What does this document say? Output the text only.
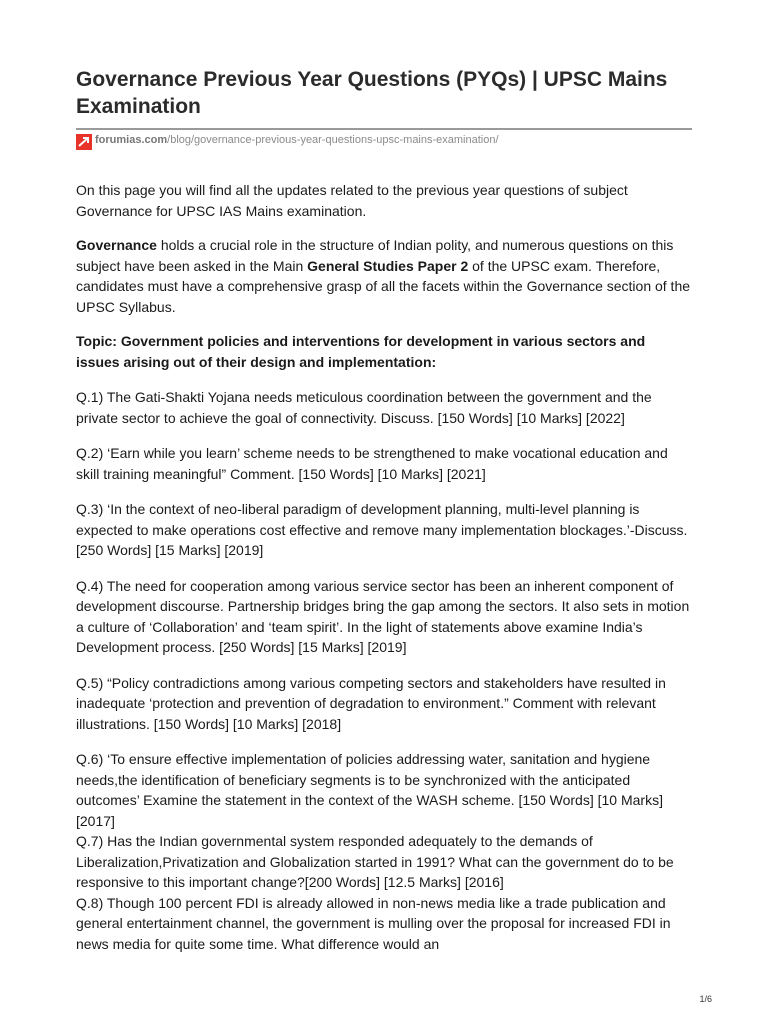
Governance Previous Year Questions (PYQs) | UPSC Mains Examination
forumias.com/blog/governance-previous-year-questions-upsc-mains-examination/

On this page you will find all the updates related to the previous year questions of subject Governance for UPSC IAS Mains examination.

Governance holds a crucial role in the structure of Indian polity, and numerous questions on this subject have been asked in the Main General Studies Paper 2 of the UPSC exam. Therefore, candidates must have a comprehensive grasp of all the facets within the Governance section of the UPSC Syllabus.

Topic: Government policies and interventions for development in various sectors and issues arising out of their design and implementation:

Q.1) The Gati-Shakti Yojana needs meticulous coordination between the government and the private sector to achieve the goal of connectivity. Discuss. [150 Words] [10 Marks] [2022]

Q.2) ‘Earn while you learn’ scheme needs to be strengthened to make vocational education and skill training meaningful” Comment. [150 Words] [10 Marks] [2021]

Q.3) ‘In the context of neo-liberal paradigm of development planning, multi-level planning is expected to make operations cost effective and remove many implementation blockages.’-Discuss. [250 Words] [15 Marks] [2019]

Q.4) The need for cooperation among various service sector has been an inherent component of development discourse. Partnership bridges bring the gap among the sectors. It also sets in motion a culture of ‘Collaboration’ and ‘team spirit’. In the light of statements above examine India’s Development process. [250 Words] [15 Marks] [2019]

Q.5) “Policy contradictions among various competing sectors and stakeholders have resulted in inadequate ‘protection and prevention of degradation to environment.” Comment with relevant illustrations. [150 Words] [10 Marks] [2018]

Q.6) ‘To ensure effective implementation of policies addressing water, sanitation and hygiene needs,the identification of beneficiary segments is to be synchronized with the anticipated outcomes’ Examine the statement in the context of the WASH scheme. [150 Words] [10 Marks] [2017]

Q.7) Has the Indian governmental system responded adequately to the demands of Liberalization,Privatization and Globalization started in 1991? What can the government do to be responsive to this important change?[200 Words] [12.5 Marks] [2016]

Q.8) Though 100 percent FDI is already allowed in non-news media like a trade publication and general entertainment channel, the government is mulling over the proposal for increased FDI in news media for quite some time. What difference would an

1/6
